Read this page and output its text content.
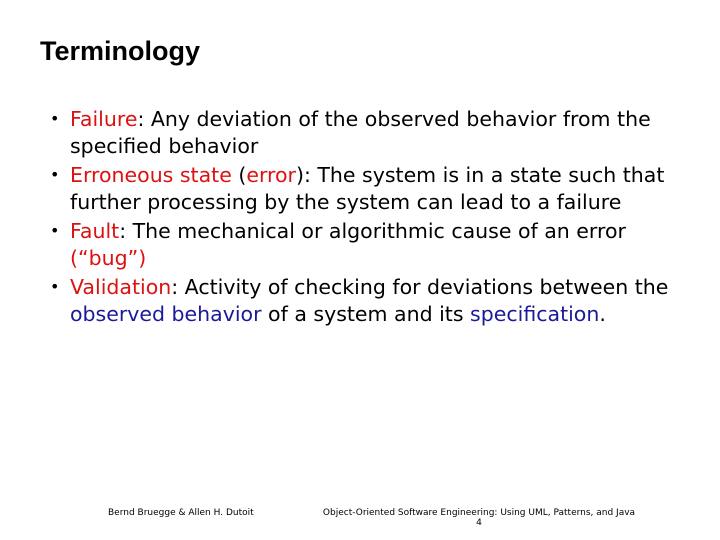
Terminology
• Failure: Any deviation of the observed behavior from the specified behavior
• Erroneous state (error): The system is in a state such that further processing by the system can lead to a failure
• Fault: The mechanical or algorithmic cause of an error (“bug”)
• Validation: Activity of checking for deviations between the observed behavior of a system and its specification.
Bernd Bruegge & Allen H. Dutoit	Object-Oriented Software Engineering: Using UML, Patterns, and Java
4
